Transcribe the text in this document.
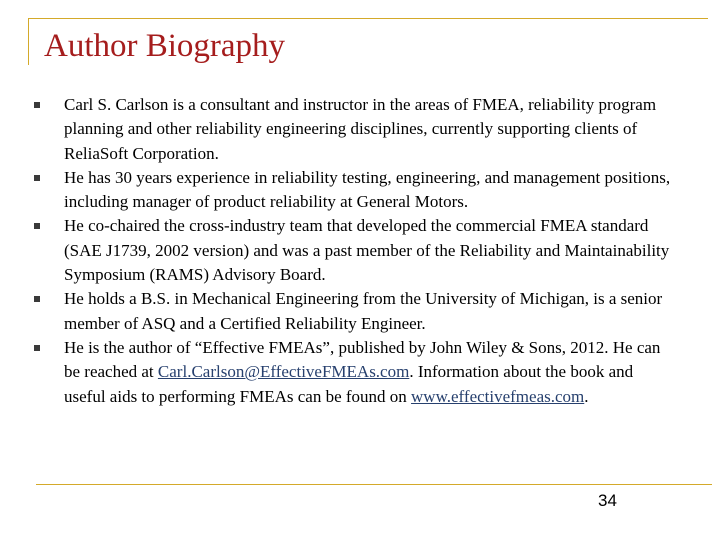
Author Biography
Carl S. Carlson is a consultant and instructor in the areas of FMEA, reliability program planning and other reliability engineering disciplines, currently supporting clients of ReliaSoft Corporation.
He has 30 years experience in reliability testing, engineering, and management positions, including manager of product reliability at General Motors.
He co-chaired the cross-industry team that developed the commercial FMEA standard (SAE J1739, 2002 version) and was a past member of the Reliability and Maintainability Symposium (RAMS) Advisory Board.
He holds a B.S. in Mechanical Engineering from the University of Michigan, is a senior member of ASQ and a Certified Reliability Engineer.
He is the author of “Effective FMEAs”, published by John Wiley & Sons, 2012. He can be reached at Carl.Carlson@EffectiveFMEAs.com. Information about the book and useful aids to performing FMEAs can be found on www.effectivefmeas.com.
34
